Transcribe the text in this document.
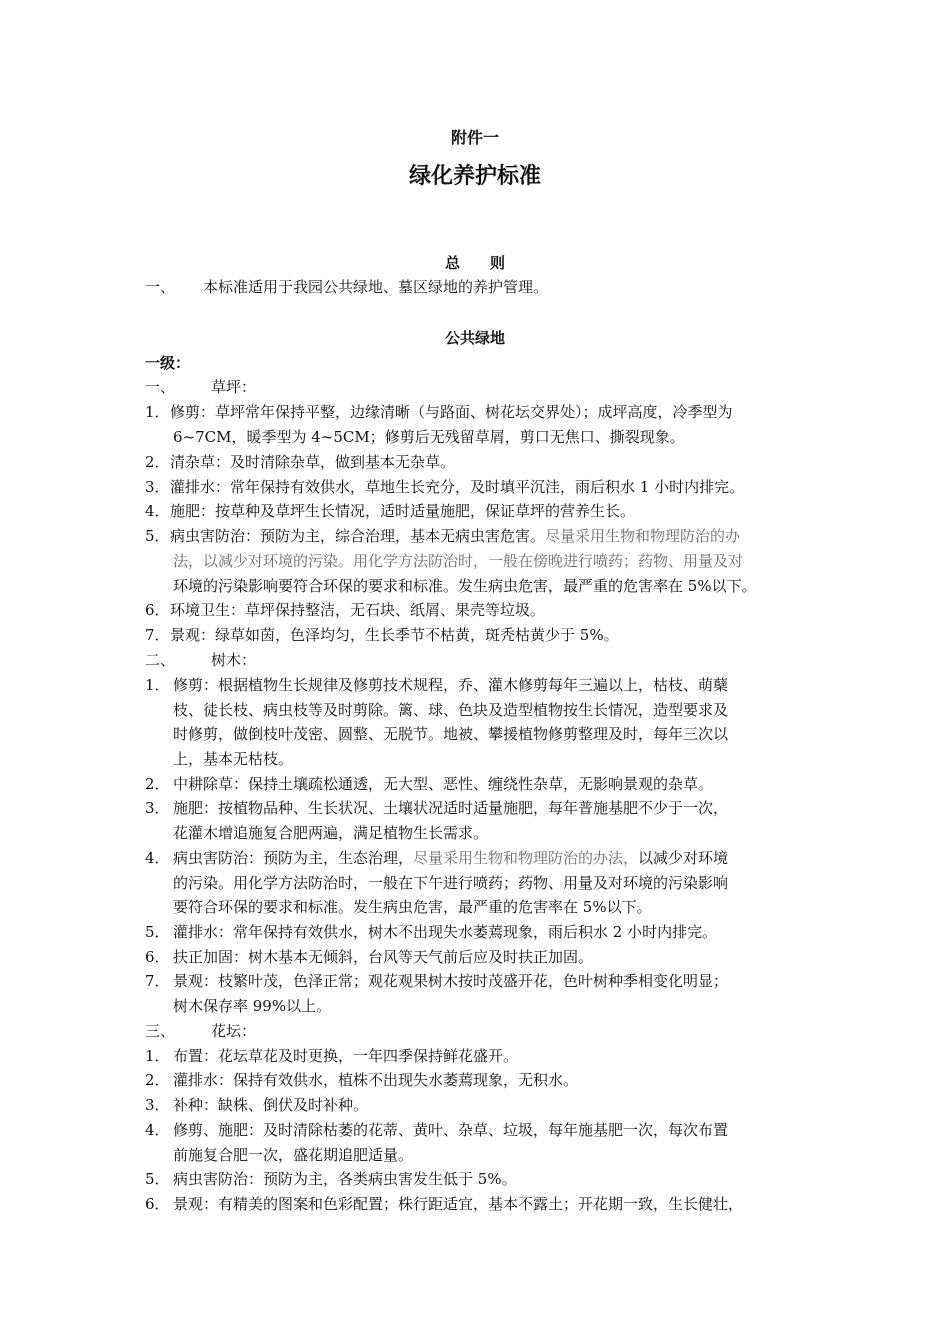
附件一
绿化养护标准
总　　则
一、 本标准适用于我园公共绿地、墓区绿地的养护管理。
公共绿地
一级：
一、 草坪：
1． 修剪：草坪常年保持平整，边缘清晰（与路面、树花坛交界处）；成坪高度，冷季型为
6~7CM，暖季型为 4~5CM；修剪后无残留草屑，剪口无焦口、撕裂现象。
2． 清杂草：及时清除杂草，做到基本无杂草。
3． 灌排水：常年保持有效供水，草地生长充分，及时填平沉洼，雨后积水 1 小时内排完。
4． 施肥：按草种及草坪生长情况，适时适量施肥，保证草坪的营养生长。
5． 病虫害防治：预防为主，综合治理，基本无病虫害危害。尽量采用生物和物理防治的办
法，以减少对环境的污染。用化学方法防治时，一般在傍晚进行喷药；药物、用量及对
环境的污染影响要符合环保的要求和标准。发生病虫危害，最严重的危害率在 5%以下。
6． 环境卫生：草坪保持整洁，无石块、纸屑、果壳等垃圾。
7． 景观：绿草如茵，色泽均匀，生长季节不枯黄，斑秃枯黄少于 5%。
二、 树木：
1． 修剪：根据植物生长规律及修剪技术规程，乔、灌木修剪每年三遍以上，枯枝、萌蘖
枝、徒长枝、病虫枝等及时剪除。篱、球、色块及造型植物按生长情况，造型要求及
时修剪，做倒枝叶茂密、圆整、无脱节。地被、攀援植物修剪整理及时，每年三次以
上，基本无枯枝。
2． 中耕除草：保持土壤疏松通透，无大型、恶性、缠绕性杂草，无影响景观的杂草。
3． 施肥：按植物品种、生长状况、土壤状况适时适量施肥，每年普施基肥不少于一次，
花灌木增追施复合肥两遍，满足植物生长需求。
4． 病虫害防治：预防为主，生态治理，尽量采用生物和物理防治的办法，以减少对环境
的污染。用化学方法防治时，一般在下午进行喷药；药物、用量及对环境的污染影响
要符合环保的要求和标准。发生病虫危害，最严重的危害率在 5%以下。
5． 灌排水：常年保持有效供水，树木不出现失水萎蔫现象，雨后积水 2 小时内排完。
6． 扶正加固：树木基本无倾斜，台风等天气前后应及时扶正加固。
7． 景观：枝繁叶茂，色泽正常；观花观果树木按时茂盛开花，色叶树种季相变化明显；
树木保存率 99%以上。
三、 花坛：
1． 布置：花坛草花及时更换，一年四季保持鲜花盛开。
2． 灌排水：保持有效供水，植株不出现失水萎蔫现象，无积水。
3． 补种：缺株、倒伏及时补种。
4． 修剪、施肥：及时清除枯萎的花蒂、黄叶、杂草、垃圾，每年施基肥一次，每次布置
前施复合肥一次，盛花期追肥适量。
5． 病虫害防治：预防为主，各类病虫害发生低于 5%。
6． 景观：有精美的图案和色彩配置；株行距适宜，基本不露土；开花期一致，生长健壮，
